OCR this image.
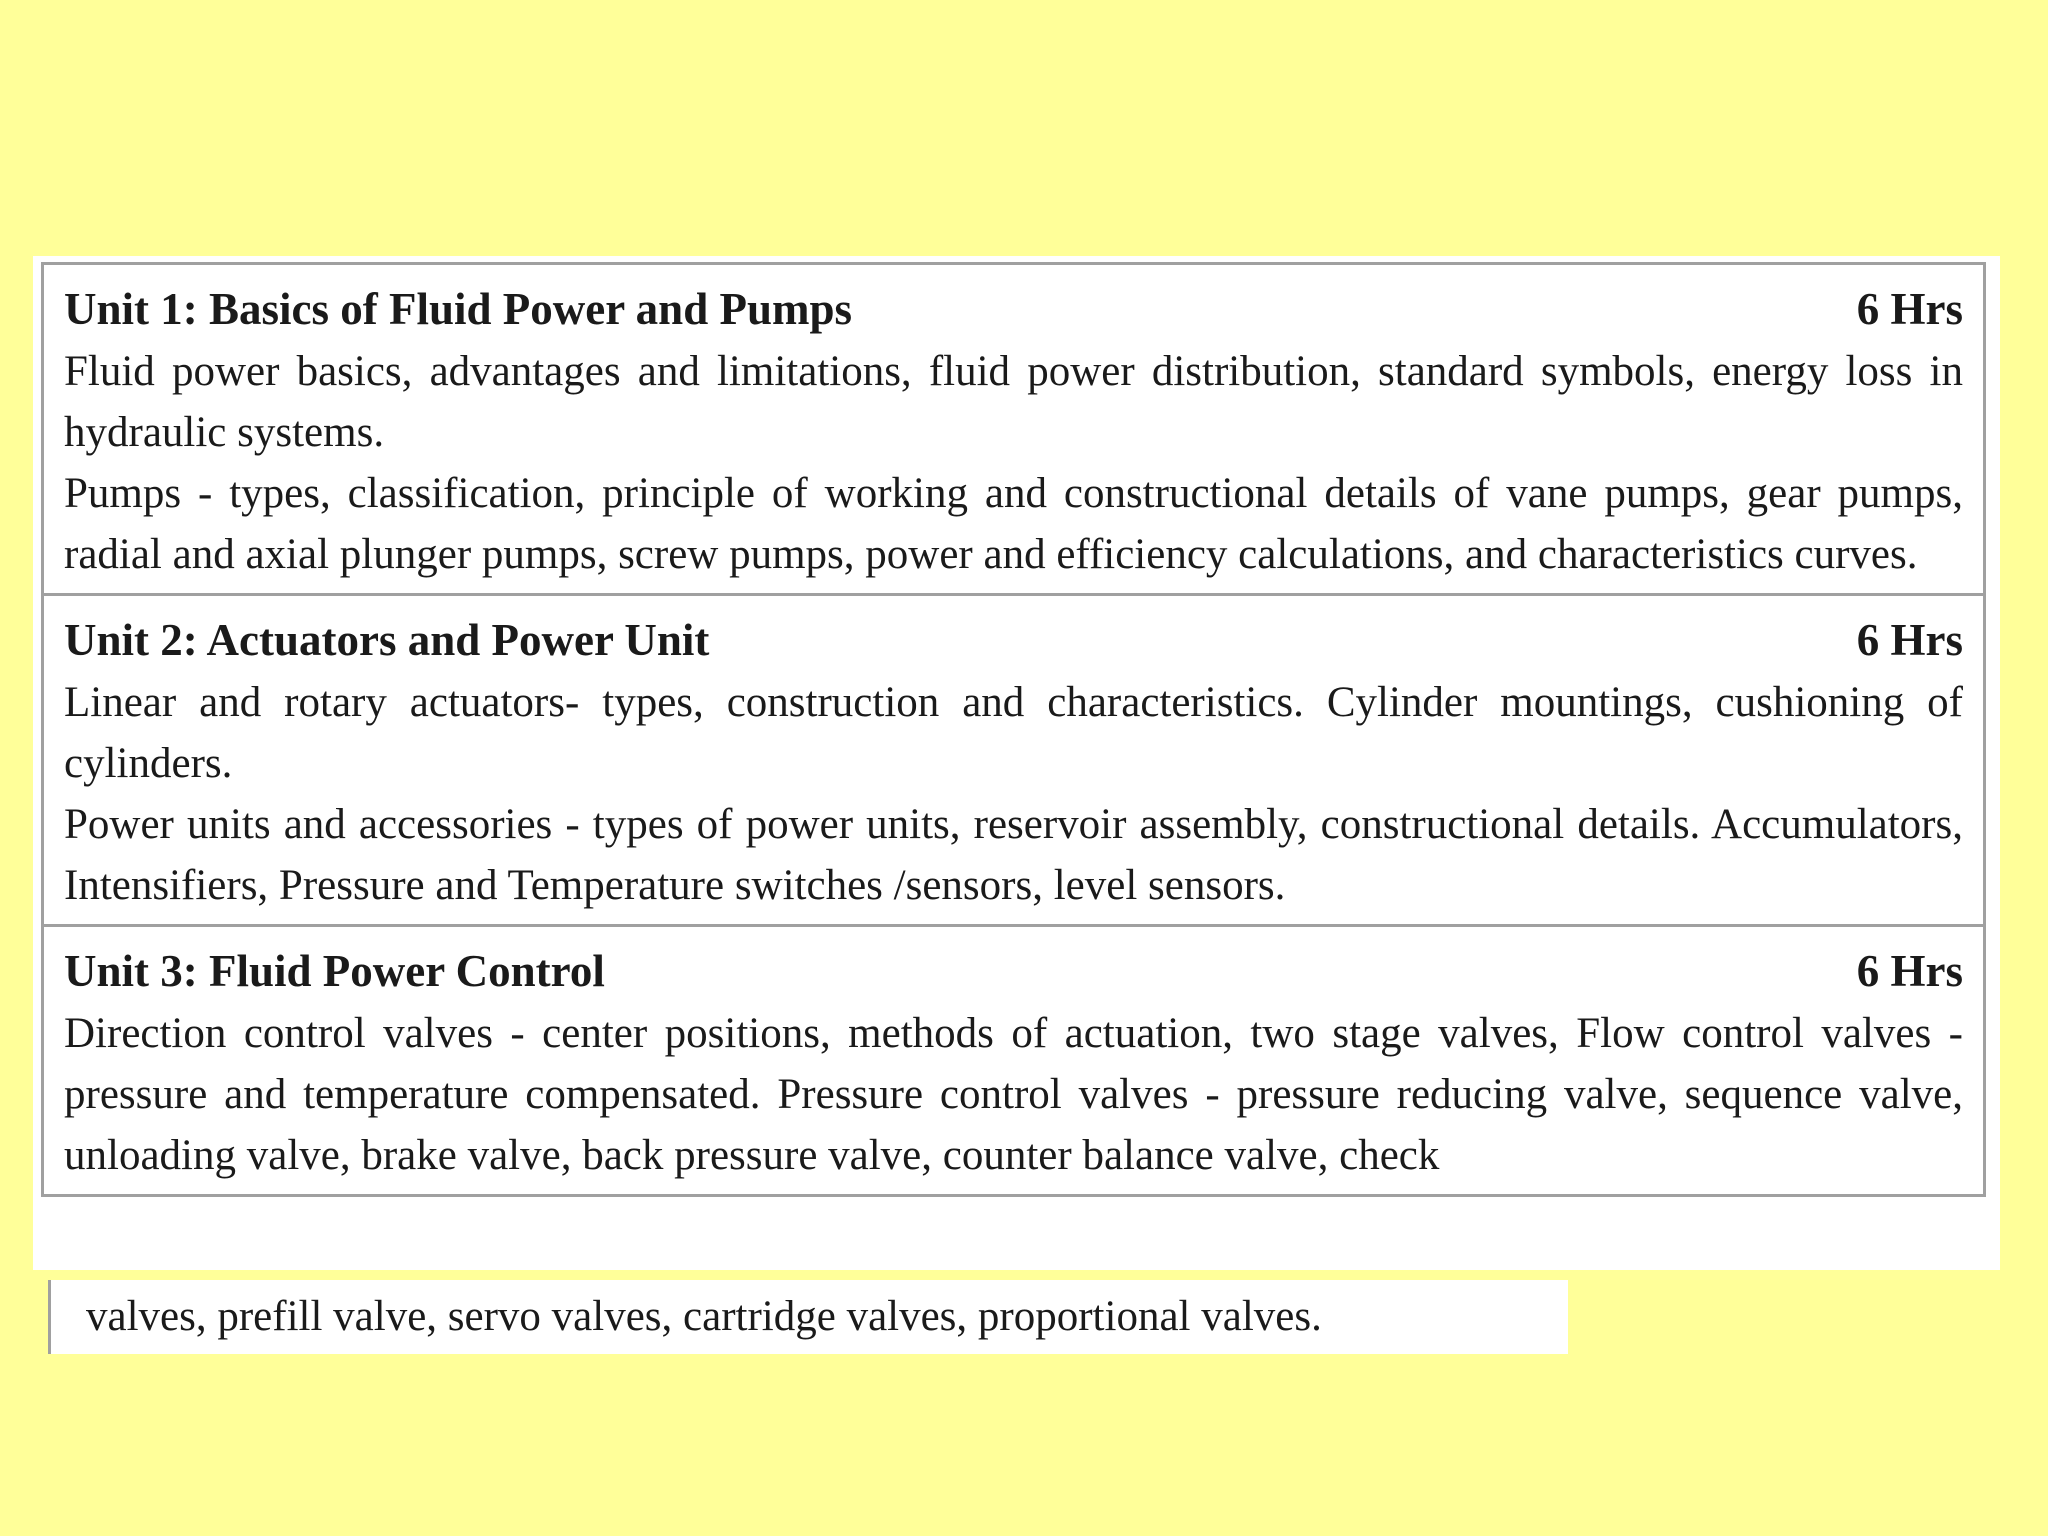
Unit 1: Basics of Fluid Power and Pumps	6 Hrs

Fluid power basics, advantages and limitations, fluid power distribution, standard symbols, energy loss in hydraulic systems.

Pumps - types, classification, principle of working and constructional details of vane pumps, gear pumps, radial and axial plunger pumps, screw pumps, power and efficiency calculations, and characteristics curves.

Unit 2: Actuators and Power Unit	6 Hrs

Linear and rotary actuators- types, construction and characteristics. Cylinder mountings, cushioning of cylinders.

Power units and accessories - types of power units, reservoir assembly, constructional details. Accumulators, Intensifiers, Pressure and Temperature switches /sensors, level sensors.

Unit 3: Fluid Power Control	6 Hrs

Direction control valves - center positions, methods of actuation, two stage valves, Flow control valves - pressure and temperature compensated. Pressure control valves - pressure reducing valve, sequence valve, unloading valve, brake valve, back pressure valve, counter balance valve, check

valves, prefill valve, servo valves, cartridge valves, proportional valves.
